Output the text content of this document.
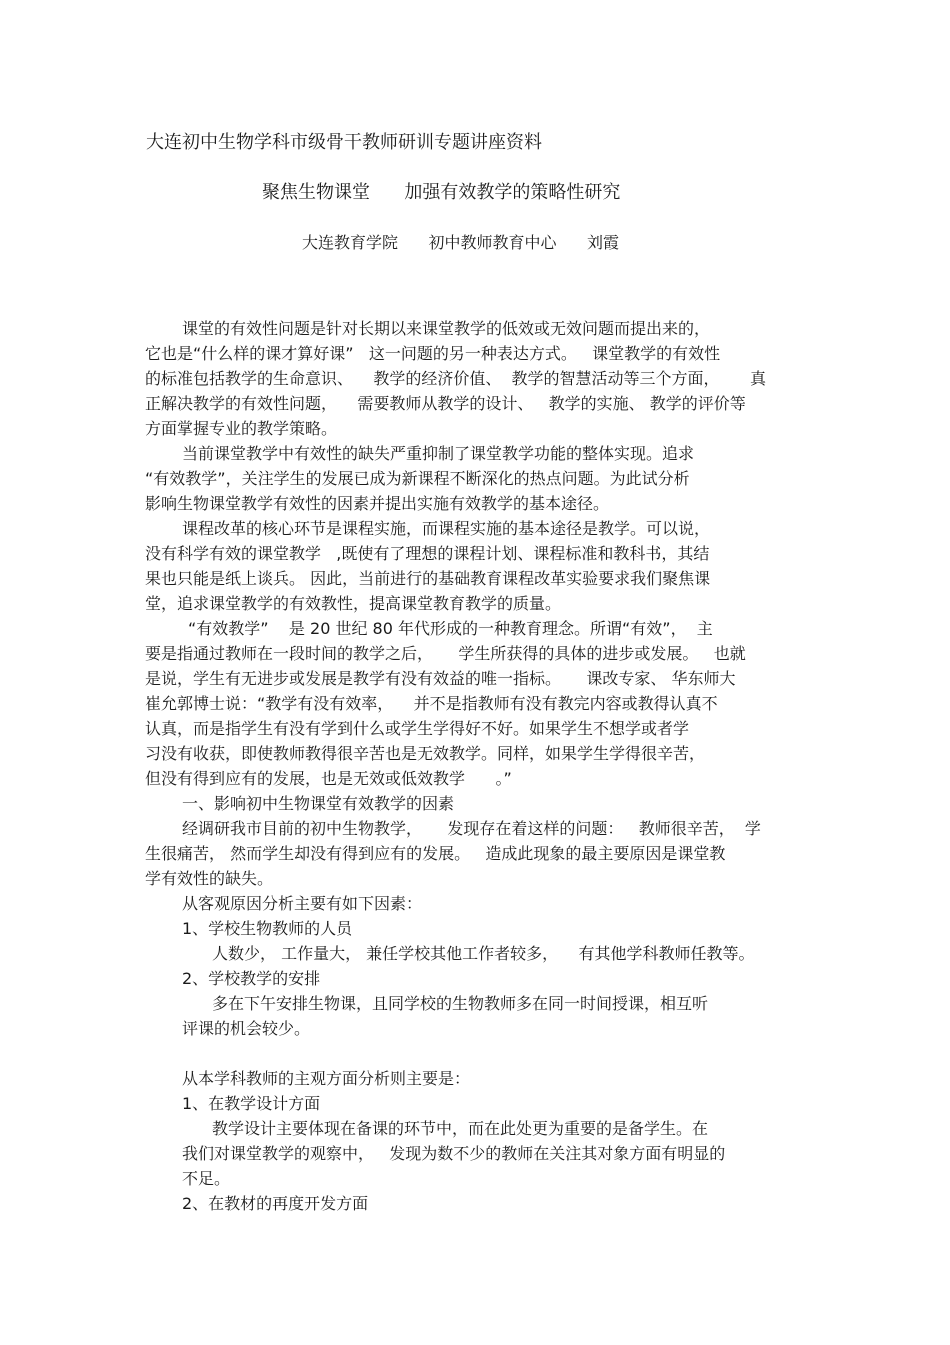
大连初中生物学科市级骨干教师研训专题讲座资料
聚焦生物课堂      加强有效教学的策略性研究
大连教育学院      初中教师教育中心      刘霞
课堂的有效性问题是针对长期以来课堂教学的低效或无效问题而提出来的，
它也是“什么样的课才算好课”   这一问题的另一种表达方式。   课堂教学的有效性
的标准包括教学的生命意识、    教学的经济价值、  教学的智慧活动等三个方面，      真
正解决教学的有效性问题，    需要教师从教学的设计、   教学的实施、 教学的评价等
方面掌握专业的教学策略。
当前课堂教学中有效性的缺失严重抑制了课堂教学功能的整体实现。追求
“有效教学”，关注学生的发展已成为新课程不断深化的热点问题。为此试分析
影响生物课堂教学有效性的因素并提出实施有效教学的基本途径。
课程改革的核心环节是课程实施，而课程实施的基本途径是教学。可以说，
没有科学有效的课堂教学   ,既使有了理想的课程计划、课程标准和教科书，其结
果也只能是纸上谈兵。 因此，当前进行的基础教育课程改革实验要求我们聚焦课
堂，追求课堂教学的有效教性，提高课堂教育教学的质量。
“有效教学”    是 20 世纪 80 年代形成的一种教育理念。所谓“有效”，  主
要是指通过教师在一段时间的教学之后，     学生所获得的具体的进步或发展。   也就
是说，学生有无进步或发展是教学有没有效益的唯一指标。     课改专家、 华东师大
崔允郭博士说：“教学有没有效率，    并不是指教师有没有教完内容或教得认真不
认真，而是指学生有没有学到什么或学生学得好不好。如果学生不想学或者学
习没有收获，即使教师教得很辛苦也是无效教学。同样，如果学生学得很辛苦，
但没有得到应有的发展，也是无效或低效教学      。”
一、影响初中生物课堂有效教学的因素
经调研我市目前的初中生物教学，     发现存在着这样的问题：   教师很辛苦，  学
生很痛苦， 然而学生却没有得到应有的发展。   造成此现象的最主要原因是课堂教
学有效性的缺失。
从客观原因分析主要有如下因素：
1、学校生物教师的人员
人数少， 工作量大， 兼任学校其他工作者较多，    有其他学科教师任教等。
2、学校教学的安排
多在下午安排生物课，且同学校的生物教师多在同一时间授课，相互听
评课的机会较少。
从本学科教师的主观方面分析则主要是：
1、在教学设计方面
教学设计主要体现在备课的环节中，而在此处更为重要的是备学生。在
我们对课堂教学的观察中，   发现为数不少的教师在关注其对象方面有明显的
不足。
2、在教材的再度开发方面
